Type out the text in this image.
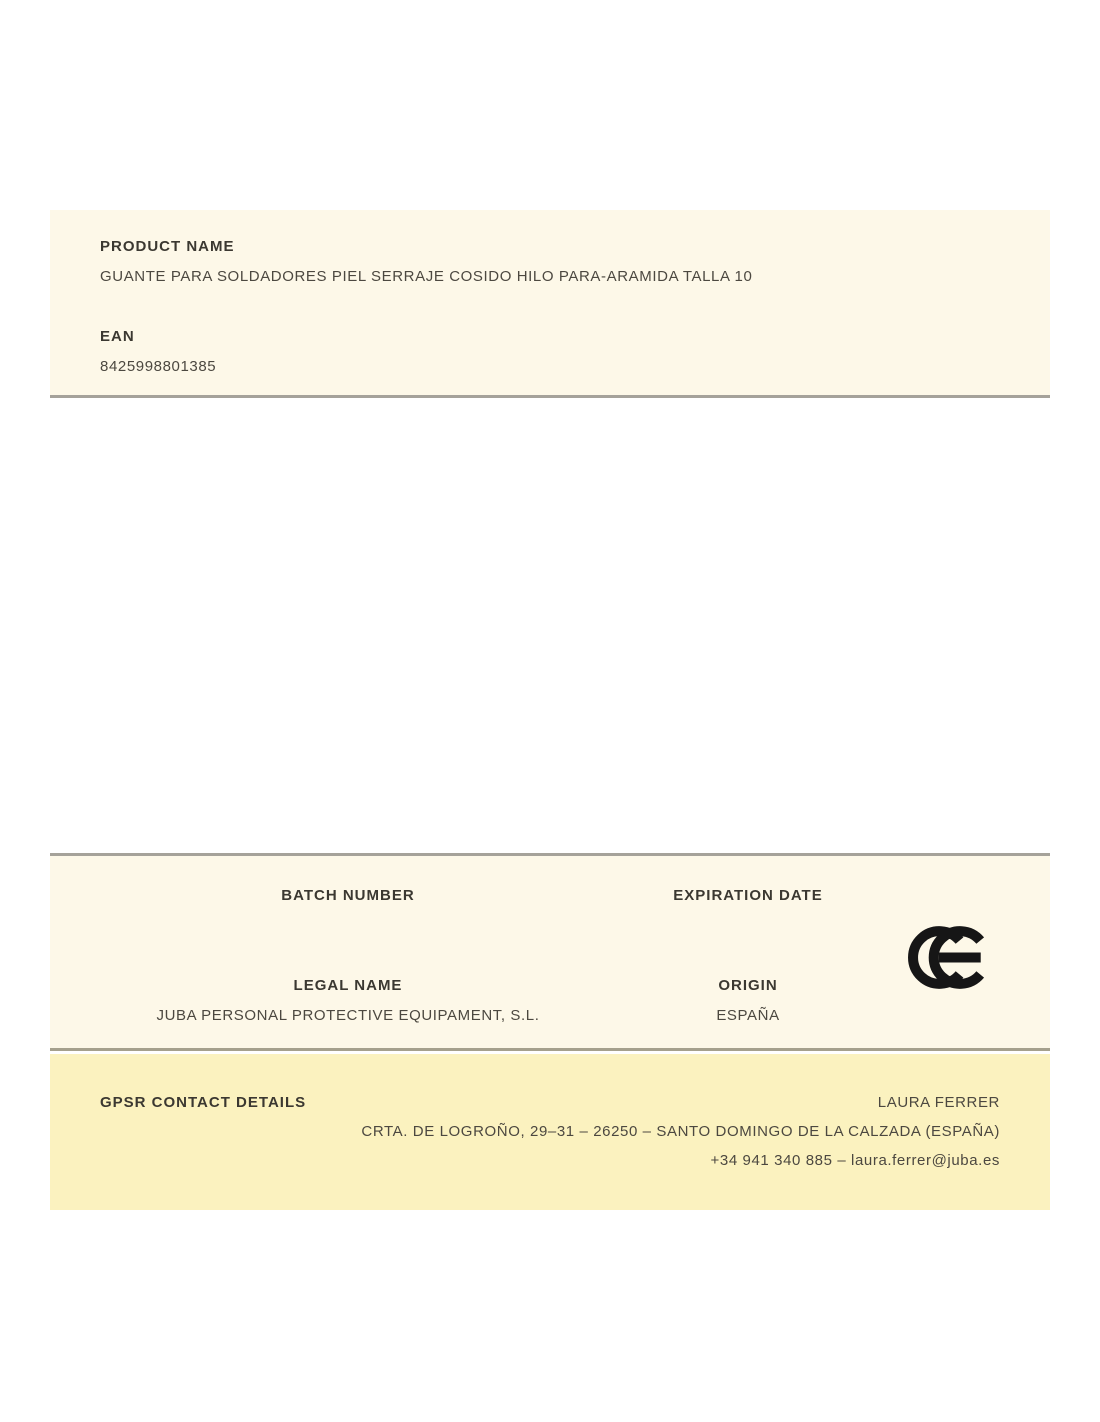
PRODUCT NAME
GUANTE PARA SOLDADORES PIEL SERRAJE COSIDO HILO PARA-ARAMIDA TALLA 10
EAN
8425998801385
BATCH NUMBER	EXPIRATION DATE
LEGAL NAME
JUBA PERSONAL PROTECTIVE EQUIPAMENT, S.L.
ORIGIN
ESPAÑA
GPSR CONTACT DETAILS	LAURA FERRER
CRTA. DE LOGROÑO, 29–31 – 26250 – SANTO DOMINGO DE LA CALZADA (ESPAÑA)
+34 941 340 885 – laura.ferrer@juba.es
